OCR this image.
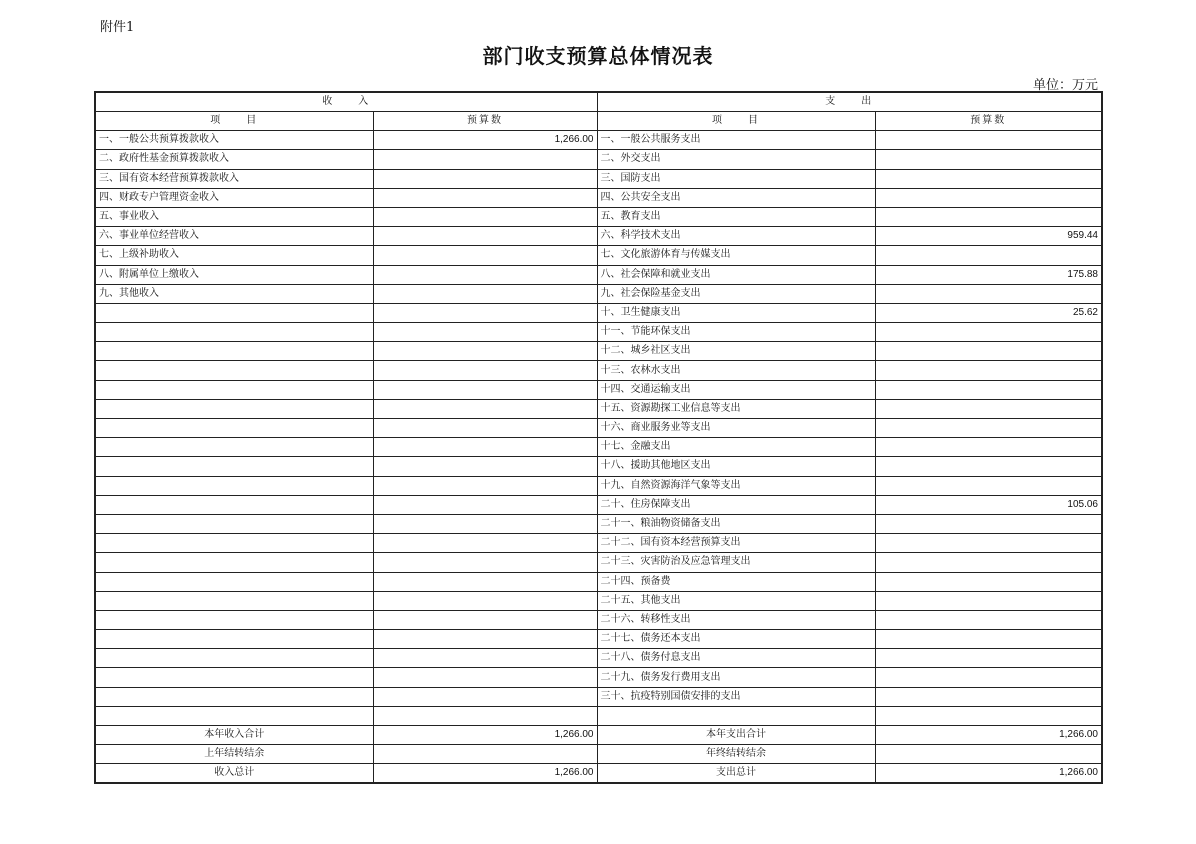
附件1
部门收支预算总体情况表
单位：万元
收　　入		支　　出	
项　　目	预算数	项　　目	预算数
一、一般公共预算拨款收入	1,266.00	一、一般公共服务支出	
二、政府性基金预算拨款收入		二、外交支出	
三、国有资本经营预算拨款收入		三、国防支出	
四、财政专户管理资金收入		四、公共安全支出	
五、事业收入		五、教育支出	
六、事业单位经营收入		六、科学技术支出	959.44
七、上级补助收入		七、文化旅游体育与传媒支出	
八、附属单位上缴收入		八、社会保障和就业支出	175.88
九、其他收入		九、社会保险基金支出	
		十、卫生健康支出	25.62
		十一、节能环保支出	
		十二、城乡社区支出	
		十三、农林水支出	
		十四、交通运输支出	
		十五、资源勘探工业信息等支出	
		十六、商业服务业等支出	
		十七、金融支出	
		十八、援助其他地区支出	
		十九、自然资源海洋气象等支出	
		二十、住房保障支出	105.06
		二十一、粮油物资储备支出	
		二十二、国有资本经营预算支出	
		二十三、灾害防治及应急管理支出	
		二十四、预备费	
		二十五、其他支出	
		二十六、转移性支出	
		二十七、债务还本支出	
		二十八、债务付息支出	
		二十九、债务发行费用支出	
		三十、抗疫特别国债安排的支出	

本年收入合计	1,266.00	本年支出合计	1,266.00
上年结转结余		年终结转结余	
收入总计	1,266.00	支出总计	1,266.00
